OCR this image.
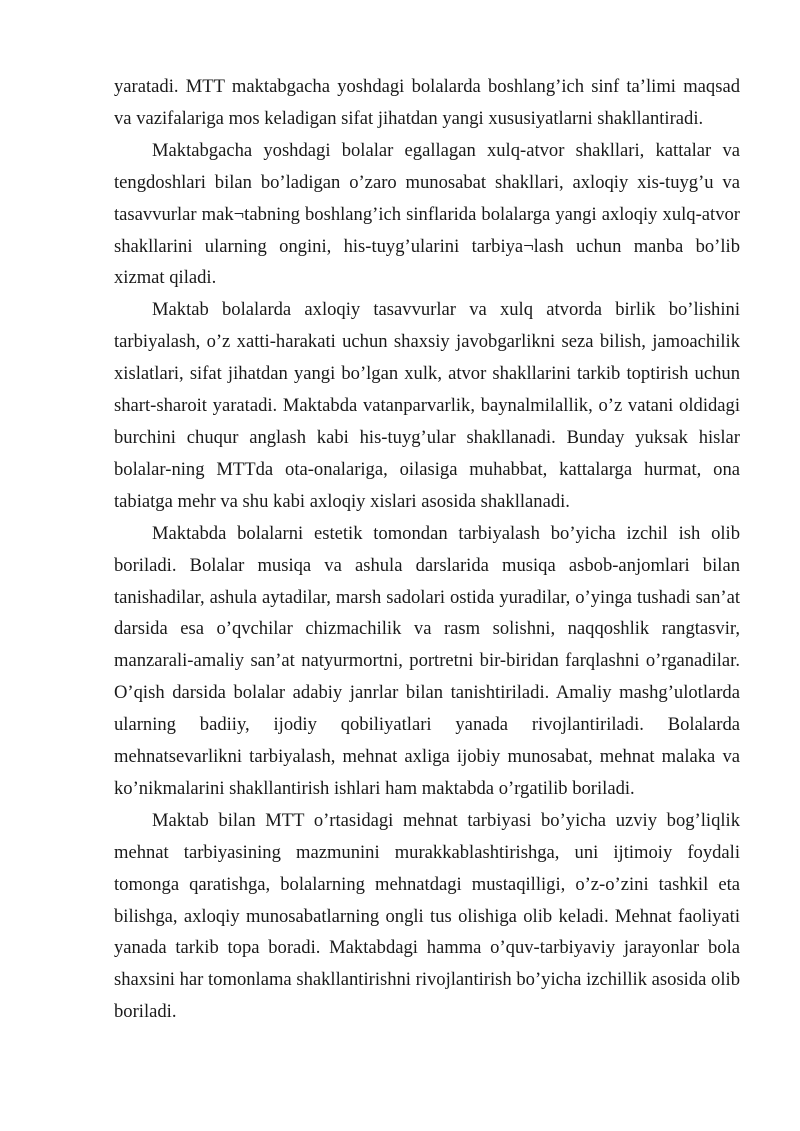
yaratadi. MTT maktabgacha yoshdagi bolalarda boshlang’ich sinf ta’limi maqsad va vazifalariga mos keladigan sifat jihatdan yangi xususiyatlarni shakllantiradi.

Maktabgacha yoshdagi bolalar egallagan xulq-atvor shakllari, kattalar va tengdoshlari bilan bo’ladigan o’zaro munosabat shakllari, axloqiy xis-tuyg’u va tasavvurlar mak¬tabning boshlang’ich sinflarida bolalarga yangi axloqiy xulq-atvor shakllarini ularning ongini, his-tuyg’ularini tarbiya¬lash uchun manba bo’lib xizmat qiladi.

Maktab bolalarda axloqiy tasavvurlar va xulq atvorda birlik bo’lishini tarbiyalash, o’z xatti-harakati uchun shaxsiy javobgarlikni seza bilish, jamoachilik xislatlari, sifat jihatdan yangi bo’lgan xulk, atvor shakllarini tarkib toptirish uchun shart-sharoit yaratadi. Maktabda vatanparvarlik, baynalmilallik, o’z vatani oldidagi burchini chuqur anglash kabi his-tuyg’ular shakllanadi. Bunday yuksak hislar bolalar-ning MTTda ota-onalariga, oilasiga muhabbat, kattalarga hurmat, ona tabiatga mehr va shu kabi axloqiy xislari asosida shakllanadi.

Maktabda bolalarni estetik tomondan tarbiyalash bo’yicha izchil ish olib boriladi. Bolalar musiqa va ashula darslarida musiqa asbob-anjomlari bilan tanishadilar, ashula aytadilar, marsh sadolari ostida yuradilar, o’yinga tushadi san’at darsida esa o’qvchilar chizmachilik va rasm solishni, naqqoshlik rangtasvir, manzarali-amaliy san’at natyurmortni, portretni bir-biridan farqlashni o’rganadilar. O’qish darsida bolalar adabiy janrlar bilan tanishtiriladi. Amaliy mashg’ulotlarda ularning badiiy, ijodiy qobiliyatlari yanada rivojlantiriladi. Bolalarda mehnatsevarlikni tarbiyalash, mehnat axliga ijobiy munosabat, mehnat malaka va ko’nikmalarini shakllantirish ishlari ham maktabda o’rgatilib boriladi.

Maktab bilan MTT o’rtasidagi mehnat tarbiyasi bo’yicha uzviy bog’liqlik mehnat tarbiyasining mazmunini murakkablashtirishga, uni ijtimoiy foydali tomonga qaratishga, bolalarning mehnatdagi mustaqilligi, o’z-o’zini tashkil eta bilishga, axloqiy munosabatlarning ongli tus olishiga olib keladi. Mehnat faoliyati yanada tarkib topa boradi. Maktabdagi hamma o’quv-tarbiyaviy jarayonlar bola shaxsini har tomonlama shakllantirishni rivojlantirish bo’yicha izchillik asosida olib boriladi.
